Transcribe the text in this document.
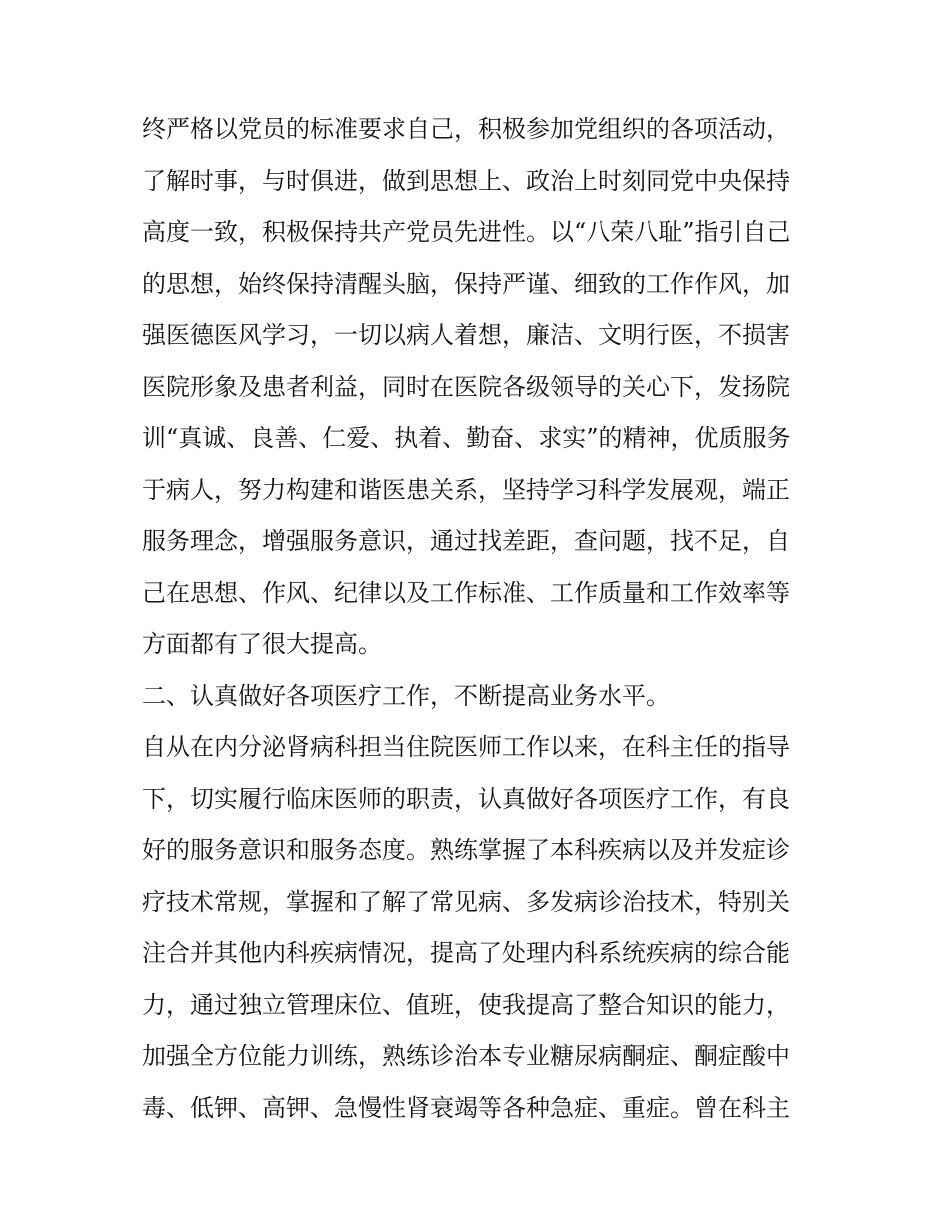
终严格以党员的标准要求自己，积极参加党组织的各项活动，
了解时事，与时俱进，做到思想上、政治上时刻同党中央保持
高度一致，积极保持共产党员先进性。以“八荣八耻”指引自己
的思想，始终保持清醒头脑，保持严谨、细致的工作作风，加
强医德医风学习，一切以病人着想，廉洁、文明行医，不损害
医院形象及患者利益，同时在医院各级领导的关心下，发扬院
训“真诚、良善、仁爱、执着、勤奋、求实”的精神，优质服务
于病人，努力构建和谐医患关系，坚持学习科学发展观，端正
服务理念，增强服务意识，通过找差距，查问题，找不足，自
己在思想、作风、纪律以及工作标准、工作质量和工作效率等
方面都有了很大提高。
二、认真做好各项医疗工作，不断提高业务水平。
自从在内分泌肾病科担当住院医师工作以来，在科主任的指导
下，切实履行临床医师的职责，认真做好各项医疗工作，有良
好的服务意识和服务态度。熟练掌握了本科疾病以及并发症诊
疗技术常规，掌握和了解了常见病、多发病诊治技术，特别关
注合并其他内科疾病情况，提高了处理内科系统疾病的综合能
力，通过独立管理床位、值班，使我提高了整合知识的能力，
加强全方位能力训练，熟练诊治本专业糖尿病酮症、酮症酸中
毒、低钾、高钾、急慢性肾衰竭等各种急症、重症。曾在科主
